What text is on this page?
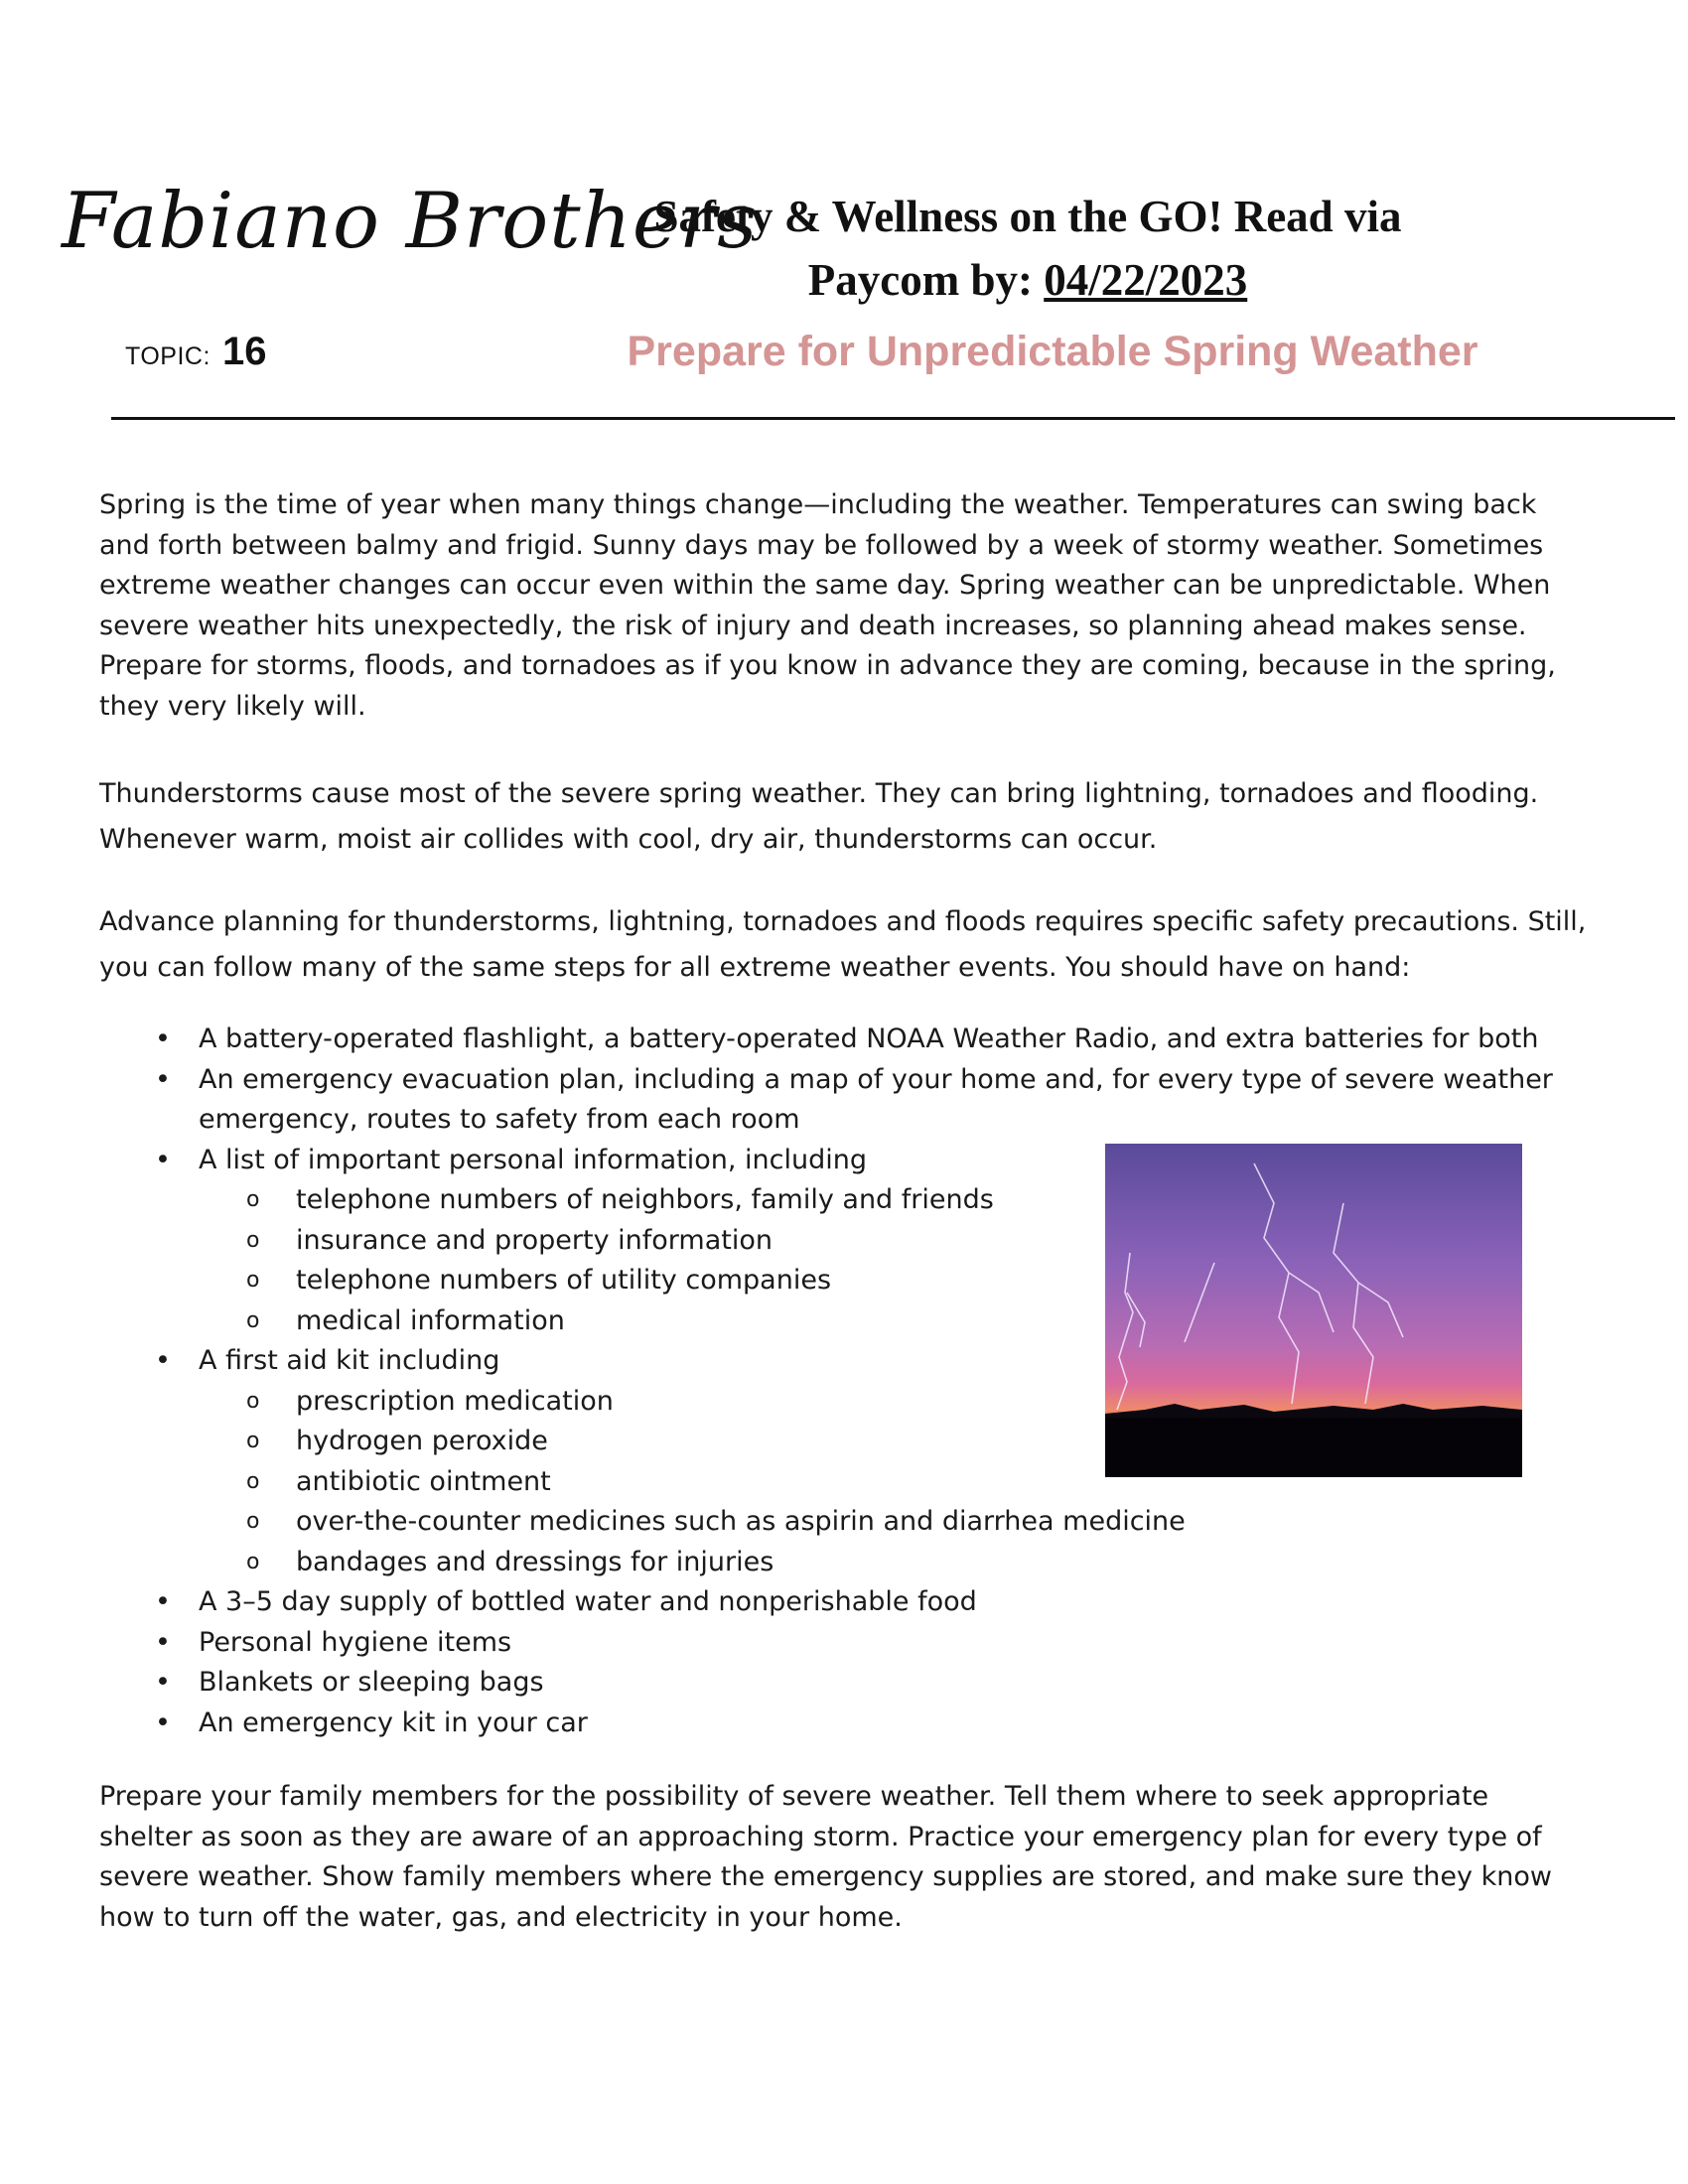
Fabiano Brothers
TOPIC: 16
Safety & Wellness on the GO! Read via
Paycom by: 04/22/2023
Prepare for Unpredictable Spring Weather

Spring is the time of year when many things change—including the weather. Temperatures can swing back and forth between balmy and frigid. Sunny days may be followed by a week of stormy weather. Sometimes extreme weather changes can occur even within the same day. Spring weather can be unpredictable. When severe weather hits unexpectedly, the risk of injury and death increases, so planning ahead makes sense. Prepare for storms, floods, and tornadoes as if you know in advance they are coming, because in the spring, they very likely will.

Thunderstorms cause most of the severe spring weather. They can bring lightning, tornadoes and flooding. Whenever warm, moist air collides with cool, dry air, thunderstorms can occur.

Advance planning for thunderstorms, lightning, tornadoes and floods requires specific safety precautions. Still, you can follow many of the same steps for all extreme weather events. You should have on hand:

• A battery-operated flashlight, a battery-operated NOAA Weather Radio, and extra batteries for both
• An emergency evacuation plan, including a map of your home and, for every type of severe weather emergency, routes to safety from each room
• A list of important personal information, including
o telephone numbers of neighbors, family and friends
o insurance and property information
o telephone numbers of utility companies
o medical information
• A first aid kit including
o prescription medication
o hydrogen peroxide
o antibiotic ointment
o over-the-counter medicines such as aspirin and diarrhea medicine
o bandages and dressings for injuries
• A 3–5 day supply of bottled water and nonperishable food
• Personal hygiene items
• Blankets or sleeping bags
• An emergency kit in your car

Prepare your family members for the possibility of severe weather. Tell them where to seek appropriate shelter as soon as they are aware of an approaching storm. Practice your emergency plan for every type of severe weather. Show family members where the emergency supplies are stored, and make sure they know how to turn off the water, gas, and electricity in your home.
